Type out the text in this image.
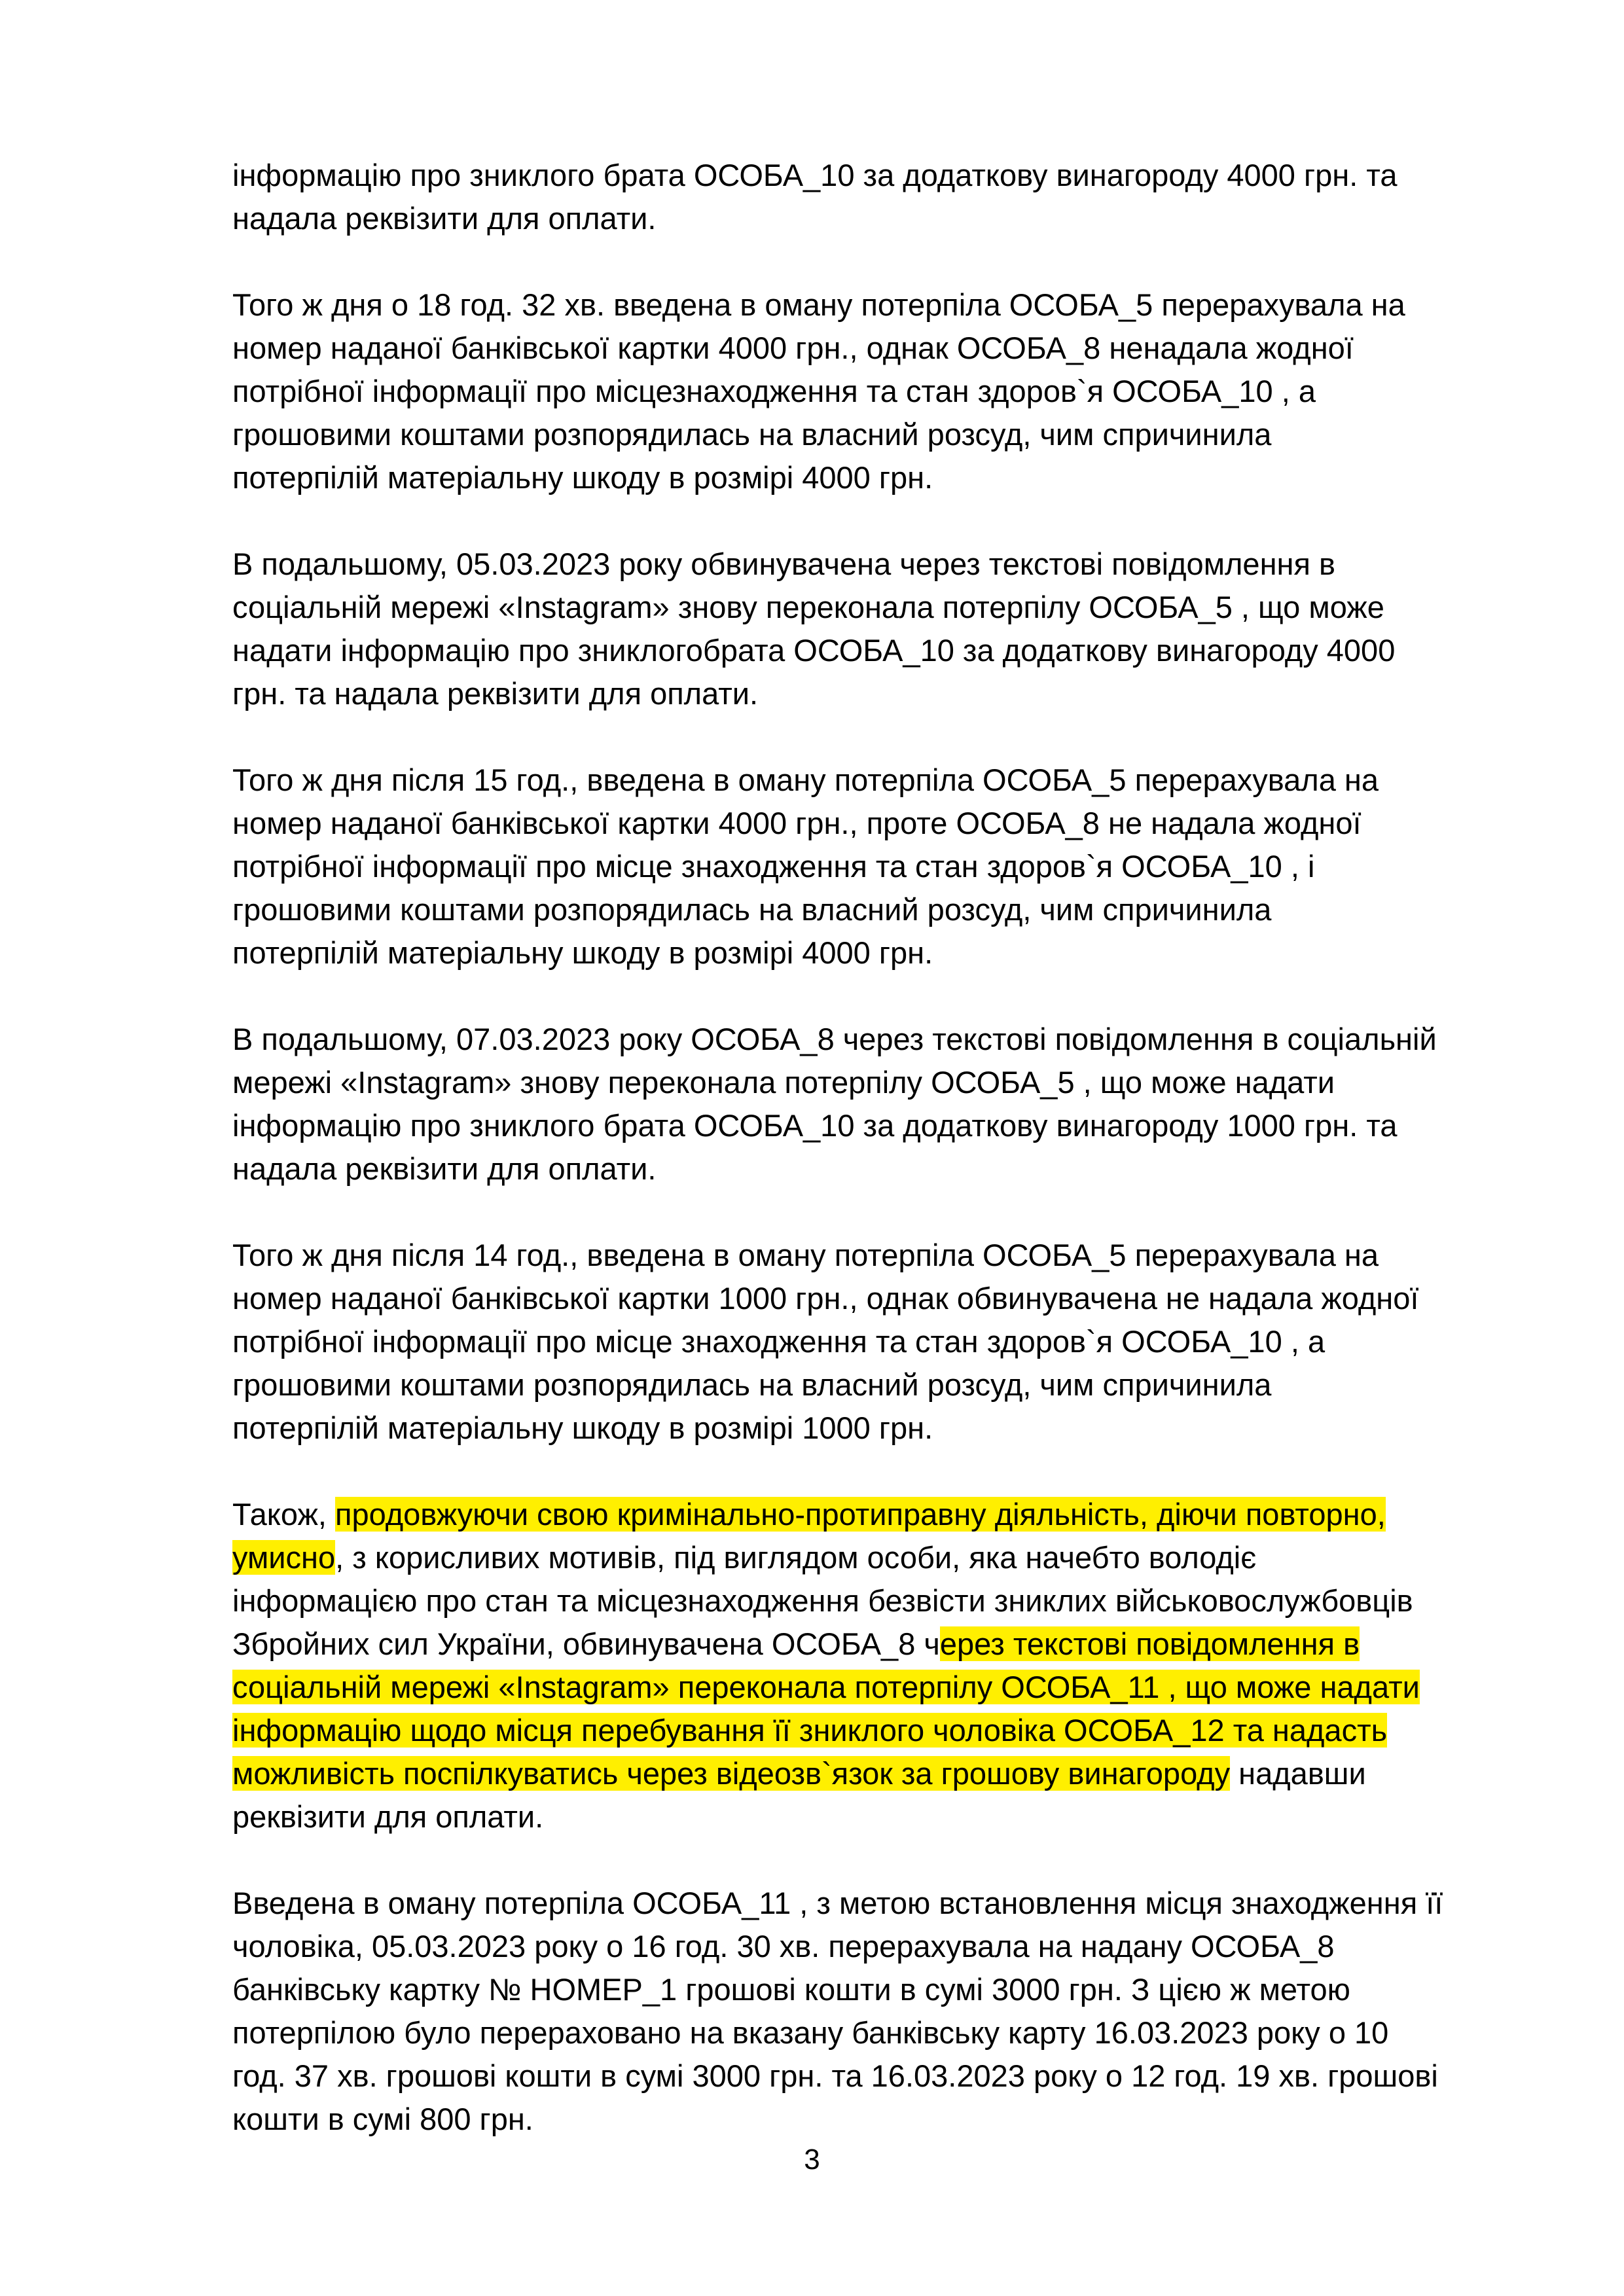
інформацію про зниклого брата ОСОБА_10 за додаткову винагороду 4000 грн. та
надала реквізити для оплати.
Того ж дня о 18 год. 32 хв. введена в оману потерпіла ОСОБА_5 перерахувала на
номер наданої банківської картки 4000 грн., однак ОСОБА_8 ненадала жодної
потрібної інформації про місцезнаходження та стан здоров`я ОСОБА_10 , а
грошовими коштами розпорядилась на власний розсуд, чим спричинила
потерпілій матеріальну шкоду в розмірі 4000 грн.
В подальшому, 05.03.2023 року обвинувачена через текстові повідомлення в
соціальній мережі «Instagram» знову переконала потерпілу ОСОБА_5 , що може
надати інформацію про зниклогобрата ОСОБА_10 за додаткову винагороду 4000
грн. та надала реквізити для оплати.
Того ж дня після 15 год., введена в оману потерпіла ОСОБА_5 перерахувала на
номер наданої банківської картки 4000 грн., проте ОСОБА_8 не надала жодної
потрібної інформації про місце знаходження та стан здоров`я ОСОБА_10 , і
грошовими коштами розпорядилась на власний розсуд, чим спричинила
потерпілій матеріальну шкоду в розмірі 4000 грн.
В подальшому, 07.03.2023 року ОСОБА_8 через текстові повідомлення в соціальній
мережі «Instagram» знову переконала потерпілу ОСОБА_5 , що може надати
інформацію про зниклого брата ОСОБА_10 за додаткову винагороду 1000 грн. та
надала реквізити для оплати.
Того ж дня після 14 год., введена в оману потерпіла ОСОБА_5 перерахувала на
номер наданої банківської картки 1000 грн., однак обвинувачена не надала жодної
потрібної інформації про місце знаходження та стан здоров`я ОСОБА_10 , а
грошовими коштами розпорядилась на власний розсуд, чим спричинила
потерпілій матеріальну шкоду в розмірі 1000 грн.
Також, продовжуючи свою кримінально-протиправну діяльність, діючи повторно,
умисно, з корисливих мотивів, під виглядом особи, яка начебто володіє
інформацією про стан та місцезнаходження безвісти зниклих військовослужбовців
Збройних сил України, обвинувачена ОСОБА_8 через текстові повідомлення в
соціальній мережі «Instagram» переконала потерпілу ОСОБА_11 , що може надати
інформацію щодо місця перебування її зниклого чоловіка ОСОБА_12 та надасть
можливість поспілкуватись через відеозв`язок за грошову винагороду надавши
реквізити для оплати.
Введена в оману потерпіла ОСОБА_11 , з метою встановлення місця знаходження її
чоловіка, 05.03.2023 року о 16 год. 30 хв. перерахувала на надану ОСОБА_8
банківську картку № НОМЕР_1 грошові кошти в сумі 3000 грн. З цією ж метою
потерпілою було перераховано на вказану банківську карту 16.03.2023 року о 10
год. 37 хв. грошові кошти в сумі 3000 грн. та 16.03.2023 року о 12 год. 19 хв. грошові
кошти в сумі 800 грн.
3
